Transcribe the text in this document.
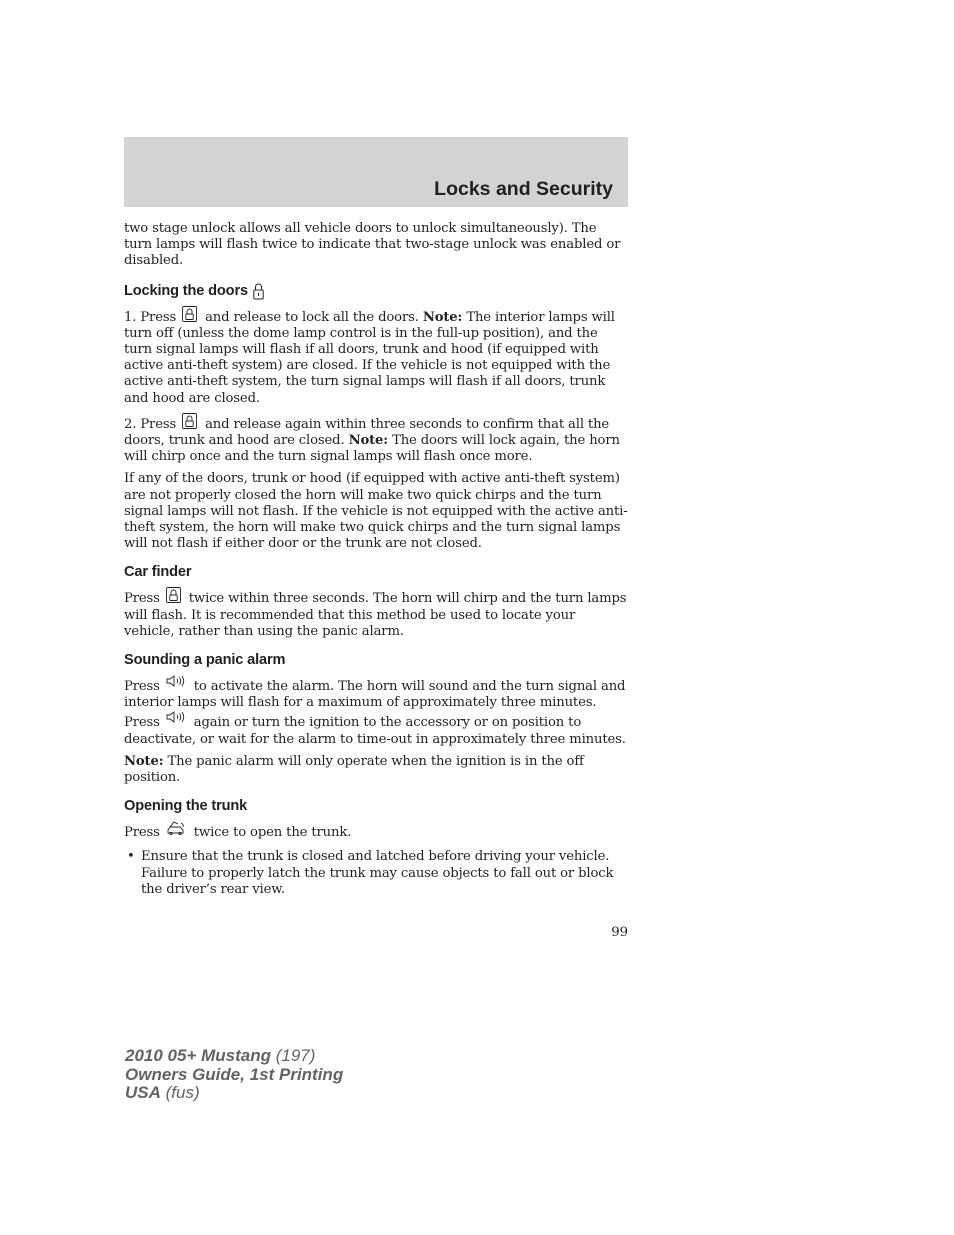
Locks and Security

two stage unlock allows all vehicle doors to unlock simultaneously). The turn lamps will flash twice to indicate that two-stage unlock was enabled or disabled.

Locking the doors

1. Press and release to lock all the doors. Note: The interior lamps will turn off (unless the dome lamp control is in the full-up position), and the turn signal lamps will flash if all doors, trunk and hood (if equipped with active anti-theft system) are closed. If the vehicle is not equipped with the active anti-theft system, the turn signal lamps will flash if all doors, trunk and hood are closed.

2. Press and release again within three seconds to confirm that all the doors, trunk and hood are closed. Note: The doors will lock again, the horn will chirp once and the turn signal lamps will flash once more.

If any of the doors, trunk or hood (if equipped with active anti-theft system) are not properly closed the horn will make two quick chirps and the turn signal lamps will not flash. If the vehicle is not equipped with the active anti-theft system, the horn will make two quick chirps and the turn signal lamps will not flash if either door or the trunk are not closed.

Car finder

Press twice within three seconds. The horn will chirp and the turn lamps will flash. It is recommended that this method be used to locate your vehicle, rather than using the panic alarm.

Sounding a panic alarm

Press	to activate the alarm. The horn will sound and the turn signal and interior lamps will flash for a maximum of approximately three minutes. Press	again or turn the ignition to the accessory or on position to deactivate, or wait for the alarm to time-out in approximately three minutes.

Note: The panic alarm will only operate when the ignition is in the off position.

Opening the trunk

Press	twice to open the trunk.

• Ensure that the trunk is closed and latched before driving your vehicle. Failure to properly latch the trunk may cause objects to fall out or block the driver’s rear view.
99
2010 05+ Mustang (197)
Owners Guide, 1st Printing
USA (fus)
